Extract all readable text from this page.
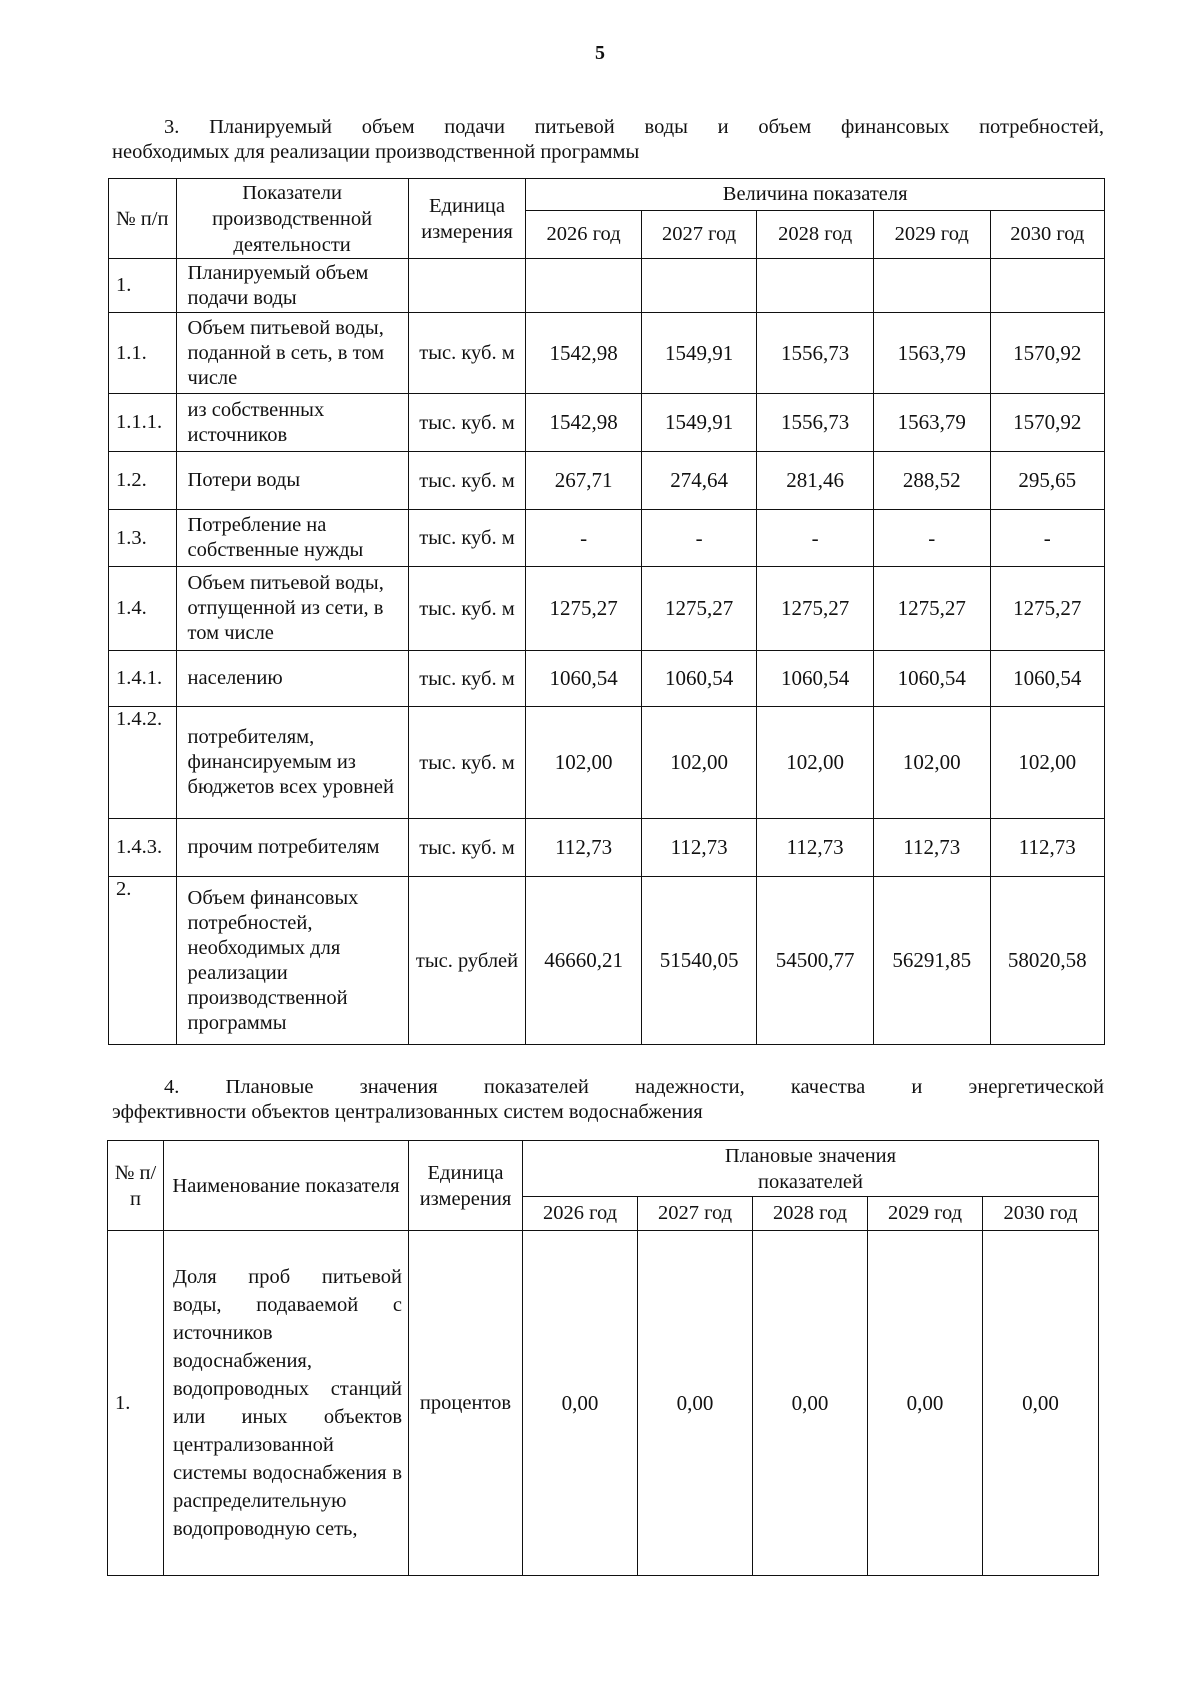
5
3. Планируемый объем подачи питьевой воды и объем финансовых потребностей,
необходимых для реализации производственной программы
№ п/п	Показатели производственной деятельности	Единица измерения	Величина показателя				
			2026 год	2027 год	2028 год	2029 год	2030 год
1.	Планируемый объем подачи воды						
1.1.	Объем питьевой воды, поданной в сеть, в том числе	тыс. куб. м	1542,98	1549,91	1556,73	1563,79	1570,92
1.1.1.	из собственных источников	тыс. куб. м	1542,98	1549,91	1556,73	1563,79	1570,92
1.2.	Потери воды	тыс. куб. м	267,71	274,64	281,46	288,52	295,65
1.3.	Потребление на собственные нужды	тыс. куб. м	-	-	-	-	-
1.4.	Объем питьевой воды, отпущенной из сети, в том числе	тыс. куб. м	1275,27	1275,27	1275,27	1275,27	1275,27
1.4.1.	населению	тыс. куб. м	1060,54	1060,54	1060,54	1060,54	1060,54
1.4.2.	потребителям, финансируемым из бюджетов всех уровней	тыс. куб. м	102,00	102,00	102,00	102,00	102,00
1.4.3.	прочим потребителям	тыс. куб. м	112,73	112,73	112,73	112,73	112,73
2.	Объем финансовых потребностей, необходимых для реализации производственной программы	тыс. рублей	46660,21	51540,05	54500,77	56291,85	58020,58
4. Плановые значения показателей надежности, качества и энергетической
эффективности объектов централизованных систем водоснабжения
№ п/п	Наименование показателя	Единица измерения	Плановые значения показателей				
			2026 год	2027 год	2028 год	2029 год	2030 год
1.	Доля проб питьевой воды, подаваемой с источников водоснабжения, водопроводных станций или иных объектов централизованной системы водоснабжения в распределительную водопроводную сеть,	процентов	0,00	0,00	0,00	0,00	0,00
